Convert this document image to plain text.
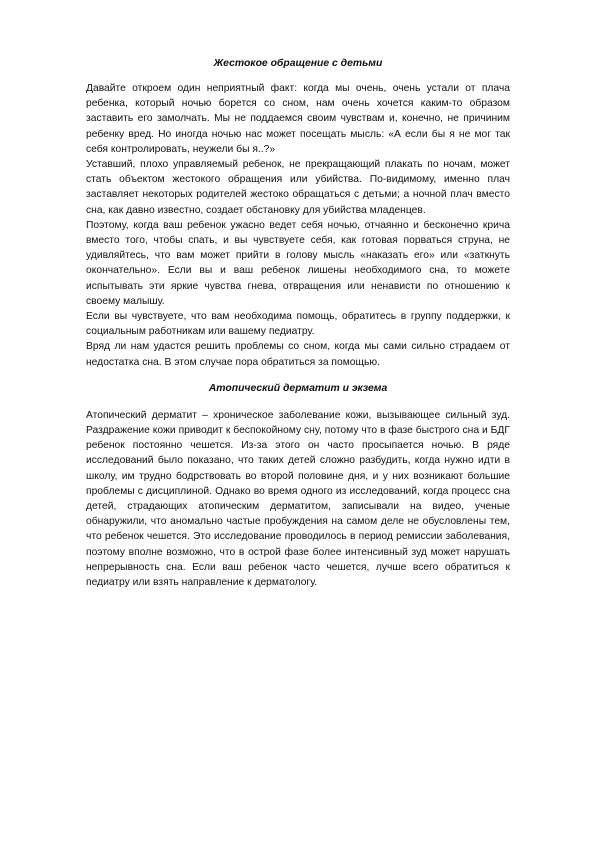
Жестокое обращение с детьми

Давайте откроем один неприятный факт: когда мы очень, очень устали от плача ребенка, который ночью борется со сном, нам очень хочется каким-то образом заставить его замолчать. Мы не поддаемся своим чувствам и, конечно, не причиним ребенку вред. Но иногда ночью нас может посещать мысль: «А если бы я не мог так себя контролировать, неужели бы я..?»

Уставший, плохо управляемый ребенок, не прекращающий плакать по ночам, может стать объектом жестокого обращения или убийства. По-видимому, именно плач заставляет некоторых родителей жестоко обращаться с детьми; а ночной плач вместо сна, как давно известно, создает обстановку для убийства младенцев.

Поэтому, когда ваш ребенок ужасно ведет себя ночью, отчаянно и бесконечно крича вместо того, чтобы спать, и вы чувствуете себя, как готовая порваться струна, не удивляйтесь, что вам может прийти в голову мысль «наказать его» или «заткнуть окончательно». Если вы и ваш ребенок лишены необходимого сна, то можете испытывать эти яркие чувства гнева, отвращения или ненависти по отношению к своему малышу.

Если вы чувствуете, что вам необходима помощь, обратитесь в группу поддержки, к социальным работникам или вашему педиатру.

Вряд ли нам удастся решить проблемы со сном, когда мы сами сильно страдаем от недостатка сна. В этом случае пора обратиться за помощью.

Атопический дерматит и экзема

Атопический дерматит – хроническое заболевание кожи, вызывающее сильный зуд. Раздражение кожи приводит к беспокойному сну, потому что в фазе быстрого сна и БДГ ребенок постоянно чешется. Из-за этого он часто просыпается ночью. В ряде исследований было показано, что таких детей сложно разбудить, когда нужно идти в школу, им трудно бодрствовать во второй половине дня, и у них возникают большие проблемы с дисциплиной. Однако во время одного из исследований, когда процесс сна детей, страдающих атопическим дерматитом, записывали на видео, ученые обнаружили, что аномально частые пробуждения на самом деле не обусловлены тем, что ребенок чешется. Это исследование проводилось в период ремиссии заболевания, поэтому вполне возможно, что в острой фазе более интенсивный зуд может нарушать непрерывность сна. Если ваш ребенок часто чешется, лучше всего обратиться к педиатру или взять направление к дерматологу.
